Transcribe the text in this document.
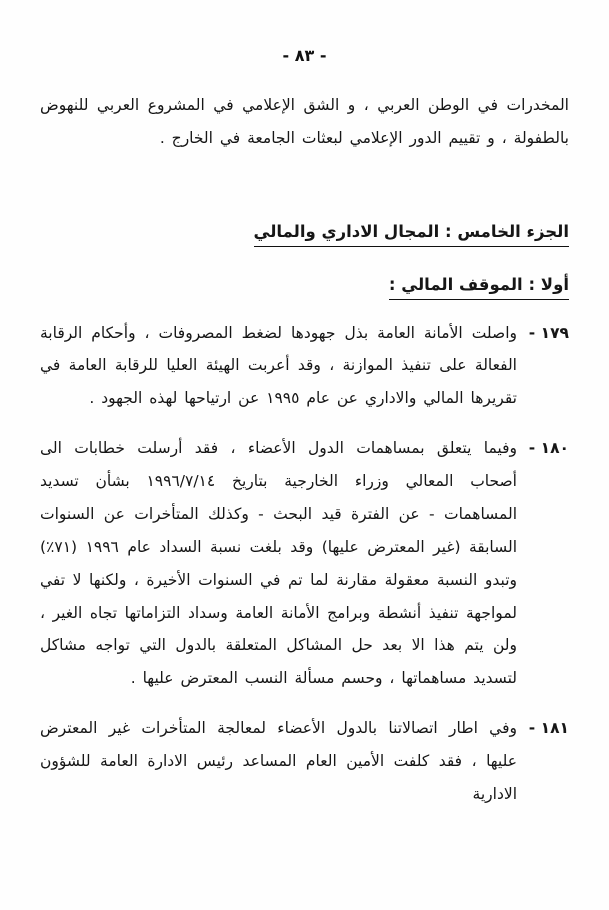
- ٨٣ -

المخدرات في الوطن العربي ، و الشق الإعلامي في المشروع العربي للنهوض بالطفولة ، و تقييم الدور الإعلامي لبعثات الجامعة في الخارج .

الجزء الخامس : المجال الاداري والمالي
أولا : الموقف المالي :
١٧٩ -
واصلت الأمانة العامة بذل جهودها لضغط المصروفات ، وأحكام الرقابة الفعالة على تنفيذ الموازنة ، وقد أعربت الهيئة العليا للرقابة العامة في تقريرها المالي والاداري عن عام ١٩٩٥ عن ارتياحها لهذه الجهود .
١٨٠ -
وفيما يتعلق بمساهمات الدول الأعضاء ، فقد أرسلت خطابات الى أصحاب المعالي وزراء الخارجية بتاريخ ١٩٩٦/٧/١٤ بشأن تسديد المساهمات - عن الفترة قيد البحث - وكذلك المتأخرات عن السنوات السابقة (غير المعترض عليها) وقد بلغت نسبة السداد عام ١٩٩٦ (٧١٪) وتبدو النسبة معقولة مقارنة لما تم في السنوات الأخيرة ، ولكنها لا تفي لمواجهة تنفيذ أنشطة وبرامج الأمانة العامة وسداد التزاماتها تجاه الغير ، ولن يتم هذا الا بعد حل المشاكل المتعلقة بالدول التي تواجه مشاكل لتسديد مساهماتها ، وحسم مسألة النسب المعترض عليها .
١٨١ -
وفي اطار اتصالاتنا بالدول الأعضاء لمعالجة المتأخرات غير المعترض عليها ، فقد كلفت الأمين العام المساعد رئيس الادارة العامة للشؤون الادارية
